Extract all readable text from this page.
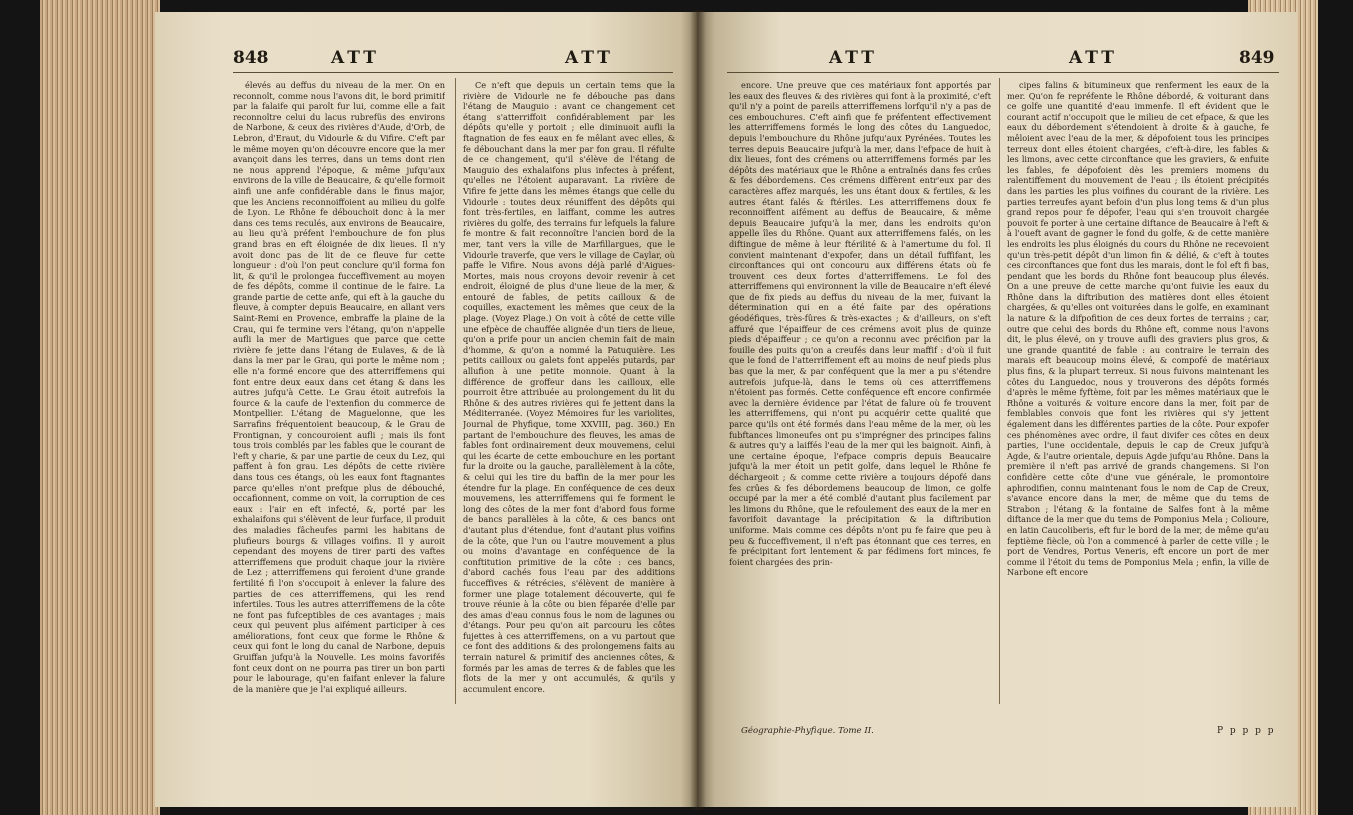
848	ATT	ATT

élevés au deffus du niveau de la mer. On en reconnoît, comme nous l'avons dit, le bord primitif par la falaife qui paroît fur lui, comme elle a fait reconnoître celui du lacus rubrefüs des environs de Narbone, & ceux des rivières d'Aude, d'Orb, de Lebron, d'Eraut, du Vidourle & du Vifire. C'eft par le même moyen qu'on découvre encore que la mer avançoit dans les terres, dans un tems dont rien ne nous apprend l'époque, & même jufqu'aux environs de la ville de Beaucaire, & qu'elle formoit ainfi une anfe confidérable dans le finus major, que les Anciens reconnoiffoient au milieu du golfe de Lyon. Le Rhône fe débouchoit donc à la mer dans ces tems reculés, aux environs de Beaucaire, au lieu qu'à préfent l'embouchure de fon plus grand bras en eft éloignée de dix lieues. Il n'y avoit donc pas de lit de ce fleuve fur cette longueur : d'où l'on peut conclure qu'il forma fon lit, & qu'il le prolongea fucceffivement au moyen de fes dépôts, comme il continue de le faire. La grande partie de cette anfe, qui eft à la gauche du fleuve, à compter depuis Beaucaire, en allant vers Saint-Remi en Provence, embraffe la plaine de la Crau, qui fe termine vers l'étang, qu'on n'appelle aufli la mer de Martigues que parce que cette rivière fe jette dans l'étang de Eulaves, & de là dans la mer par le Grau, qui porte le même nom ; elle n'a formé encore que des atterriffemens qui font entre deux eaux dans cet étang & dans les autres jufqu'à Cette. Le Grau étoit autrefois la fource & la caufe de l'extenfion du commerce de Montpellier. L'étang de Maguelonne, que les Sarrafins fréquentoient beaucoup, & le Grau de Frontignan, y concouroient aufli ; mais ils font tous trois comblés par les fables que le courant de l'eft y charie, & par une partie de ceux du Lez, qui paffent à fon grau. Les dépôts de cette rivière dans tous ces étangs, où les eaux font ftagnantes parce qu'elles n'ont prefque plus de débouché, occafionnent, comme on voit, la corruption de ces eaux : l'air en eft infecté, &, porté par les exhalaifons qui s'élèvent de leur furface, il produit des maladies fâcheufes parmi les habitans de plufieurs bourgs & villages voifins. Il y auroit cependant des moyens de tirer parti des vaftes atterriffemens que produit chaque jour la rivière de Lez ; atterriffemens qui feroient d'une grande fertilité fi l'on s'occupoit à enlever la falure des parties de ces atterriffemens, qui les rend infertiles. Tous les autres atterriffemens de la côte ne font pas fufceptibles de ces avantages ; mais ceux qui peuvent plus aifément participer à ces améliorations, font ceux que forme le Rhône & ceux qui font le long du canal de Narbone, depuis Gruiffan jufqu'à la Nouvelle. Les moins favorifés font ceux dont on ne pourra pas tirer un bon parti pour le labourage, qu'en faifant enlever la falure de la manière que je l'ai expliqué ailleurs.

Ce n'eft que depuis un certain tems que la rivière de Vidourle ne fe débouche pas dans l'étang de Mauguio : avant ce changement cet étang s'atterriffoit confidérablement par les dépôts qu'elle y portoit ; elle diminuoit aufli la ftagnation de fes eaux en fe mêlant avec elles, & fe débouchant dans la mer par fon grau. Il réfulte de ce changement, qu'il s'élève de l'étang de Mauguio des exhalaifons plus infectes à préfent, qu'elles ne l'étoient auparavant. La rivière de Vifire fe jette dans les mêmes étangs que celle du Vidourle : toutes deux réuniffent des dépôts qui font très-fertiles, en laiffant, comme les autres rivières du golfe, des terrains fur lefquels la falure fe montre & fait reconnoître l'ancien bord de la mer, tant vers la ville de Marfillargues, que le Vidourle traverfe, que vers le village de Caylar, où paffe le Vifire. Nous avons déjà parlé d'Aigues-Mortes, mais nous croyons devoir revenir à cet endroit, éloigné de plus d'une lieue de la mer, & entouré de fables, de petits cailloux & de coquilles, exactement les mêmes que ceux de la plage. (Voyez Plage.) On voit à côté de cette ville une efpèce de chauffée alignée d'un tiers de lieue, qu'on a prife pour un ancien chemin fait de main d'homme, & qu'on a nommé la Patuquière. Les petits cailloux ou galets font appelés putards, par allufion à une petite monnoie. Quant à la différence de groffeur dans les cailloux, elle pourroit être attribuée au prolongement du lit du Rhône & des autres rivières qui fe jettent dans la Méditerranée. (Voyez Mémoires fur les variolites, Journal de Phyfique, tome XXVIII, pag. 360.) En partant de l'embouchure des fleuves, les amas de fables font ordinairement deux mouvemens, celui qui les écarte de cette embouchure en les portant fur la droite ou la gauche, parallèlement à la côte, & celui qui les tire du baffin de la mer pour les étendre fur la plage. En conféquence de ces deux mouvemens, les atterriffemens qui fe forment le long des côtes de la mer font d'abord fous forme de bancs parallèles à la côte, & ces bancs ont d'autant plus d'étendue, font d'autant plus voifins de la côte, que l'un ou l'autre mouvement a plus ou moins d'avantage en conféquence de la conftitution primitive de la côte : ces bancs, d'abord cachés fous l'eau par des additions fucceffives & rétrécies, s'élèvent de manière à former une plage totalement découverte, qui fe trouve réunie à la côte ou bien féparée d'elle par des amas d'eau connus fous le nom de lagunes ou d'étangs. Pour peu qu'on ait parcouru les côtes fujettes à ces atterriffemens, on a vu partout que ce font des additions & des prolongemens faits au terrain naturel & primitif des anciennes côtes, & formés par les amas de terres & de fables que les flots de la mer y ont accumulés, & qu'ils y accumulent encore.

ATT	ATT	849

encore. Une preuve que ces matériaux font apportés par les eaux des fleuves & des rivières qui font à la proximité, c'eft qu'il n'y a point de pareils atterriffemens lorfqu'il n'y a pas de ces embouchures. C'eft ainfi que fe préfentent effectivement les atterriffemens formés le long des côtes du Languedoc, depuis l'embouchure du Rhône jufqu'aux Pyrénées. Toutes les terres depuis Beaucaire jufqu'à la mer, dans l'efpace de huit à dix lieues, font des crémens ou atterriffemens formés par les dépôts des matériaux que le Rhône a entraînés dans fes crûes & fes débordemens. Ces crémens diffèrent entr'eux par des caractères affez marqués, les uns étant doux & fertiles, & les autres étant falés & ftériles. Les atterriffemens doux fe reconnoiffent aifément au deffus de Beaucaire, & même depuis Beaucaire jufqu'à la mer, dans les endroits qu'on appelle îles du Rhône. Quant aux atterriffemens falés, on les diftingue de même à leur ftérilité & à l'amertume du fol. Il convient maintenant d'expofer, dans un détail fuffifant, les circonftances qui ont concouru aux différens états où fe trouvent ces deux fortes d'atterriffemens. Le fol des atterriffemens qui environnent la ville de Beaucaire n'eft élevé que de fix pieds au deffus du niveau de la mer, fuivant la détermination qui en a été faite par des opérations géodéfiques, très-fûres & très-exactes ; & d'ailleurs, on s'eft affuré que l'épaiffeur de ces crémens avoit plus de quinze pieds d'épaiffeur ; ce qu'on a reconnu avec précifion par la fouille des puits qu'on a creufés dans leur maffif : d'où il fuit que le fond de l'atterriffement eft au moins de neuf pieds plus bas que la mer, & par conféquent que la mer a pu s'étendre autrefois jufque-là, dans le tems où ces atterriffemens n'étoient pas formés. Cette conféquence eft encore confirmée avec la dernière évidence par l'état de falure où fe trouvent les atterriffemens, qui n'ont pu acquérir cette qualité que parce qu'ils ont été formés dans l'eau même de la mer, où les fubftances limoneufes ont pu s'imprégner des principes falins & autres qu'y a laiffés l'eau de la mer qui les baignoit. Ainfi, à une certaine époque, l'efpace compris depuis Beaucaire jufqu'à la mer étoit un petit golfe, dans lequel le Rhône fe déchargeoit ; & comme cette rivière a toujours dépofé dans fes crûes & fes débordemens beaucoup de limon, ce golfe occupé par la mer a été comblé d'autant plus facilement par les limons du Rhône, que le refoulement des eaux de la mer en favorifoit davantage la précipitation & la diftribution uniforme. Mais comme ces dépôts n'ont pu fe faire que peu à peu & fucceffivement, il n'eft pas étonnant que ces terres, en fe précipitant fort lentement & par fédimens fort minces, fe foient chargées des prin-

cipes falins & bitumineux que renferment les eaux de la mer. Qu'on fe repréfente le Rhône débordé, & voiturant dans ce golfe une quantité d'eau immenfe. Il eft évident que le courant actif n'occupoit que le milieu de cet efpace, & que les eaux du débordement s'étendoient à droite & à gauche, fe mêloient avec l'eau de la mer, & dépofoient tous les principes terreux dont elles étoient chargées, c'eft-à-dire, les fables & les limons, avec cette circonftance que les graviers, & enfuite les fables, fe dépofoient dès les premiers momens du ralentiffement du mouvement de l'eau ; ils étoient précipités dans les parties les plus voifines du courant de la rivière. Les parties terreufes ayant befoin d'un plus long tems & d'un plus grand repos pour fe dépofer, l'eau qui s'en trouvoit chargée pouvoit fe porter à une certaine diftance de Beaucaire à l'eft & à l'oueft avant de gagner le fond du golfe, & de cette manière les endroits les plus éloignés du cours du Rhône ne recevoient qu'un très-petit dépôt d'un limon fin & délié, & c'eft à toutes ces circonftances que font dus les marais, dont le fol eft fi bas, pendant que les bords du Rhône font beaucoup plus élevés. On a une preuve de cette marche qu'ont fuivie les eaux du Rhône dans la diftribution des matières dont elles étoient chargées, & qu'elles ont voiturées dans le golfe, en examinant la nature & la difpofition de ces deux fortes de terrains ; car, outre que celui des bords du Rhône eft, comme nous l'avons dit, le plus élevé, on y trouve aufli des graviers plus gros, & une grande quantité de fable : au contraire le terrain des marais eft beaucoup moins élevé, & compofé de matériaux plus fins, & la plupart terreux. Si nous fuivons maintenant les côtes du Languedoc, nous y trouverons des dépôts formés d'après le même fyftème, foit par les mêmes matériaux que le Rhône a voiturés & voiture encore dans la mer, foit par de femblables convois que font les rivières qui s'y jettent également dans les différentes parties de la côte. Pour expofer ces phénomènes avec ordre, il faut divifer ces côtes en deux parties, l'une occidentale, depuis le cap de Creux jufqu'à Agde, & l'autre orientale, depuis Agde jufqu'au Rhône. Dans la première il n'eft pas arrivé de grands changemens. Si l'on confidère cette côte d'une vue générale, le promontoire aphrodifien, connu maintenant fous le nom de Cap de Creux, s'avance encore dans la mer, de même que du tems de Strabon ; l'étang & la fontaine de Salfes font à la même diftance de la mer que du tems de Pomponius Mela ; Colioure, en latin Caucoliberis, eft fur le bord de la mer, de même qu'au feptième fiècle, où l'on a commencé à parler de cette ville ; le port de Vendres, Portus Veneris, eft encore un port de mer comme il l'étoit du tems de Pomponius Mela ; enfin, la ville de Narbone eft encore

Géographie-Phyfique. Tome II.	P p p p p
